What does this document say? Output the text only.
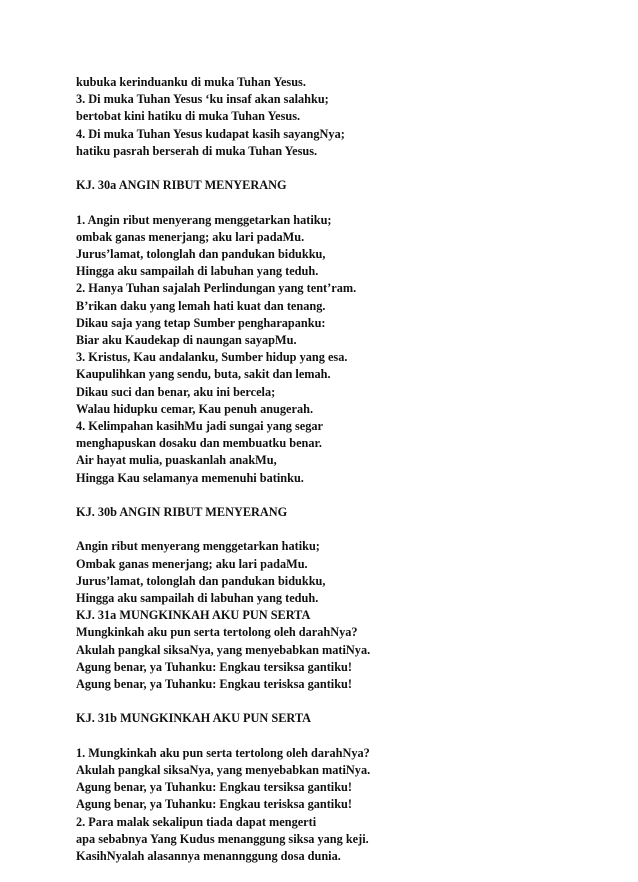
kubuka kerinduanku di muka Tuhan Yesus.
3. Di muka Tuhan Yesus ‘ku insaf akan salahku;
bertobat kini hatiku di muka Tuhan Yesus.
4. Di muka Tuhan Yesus kudapat kasih sayangNya;
hatiku pasrah berserah di muka Tuhan Yesus.
KJ. 30a ANGIN RIBUT MENYERANG
1. Angin ribut menyerang menggetarkan hatiku;
ombak ganas menerjang; aku lari padaMu.
Jurus’lamat, tolonglah dan pandukan bidukku,
Hingga aku sampailah di labuhan yang teduh.
2. Hanya Tuhan sajalah Perlindungan yang tent’ram.
B’rikan daku yang lemah hati kuat dan tenang.
Dikau saja yang tetap Sumber pengharapanku:
Biar aku Kaudekap di naungan sayapMu.
3. Kristus, Kau andalanku, Sumber hidup yang esa.
Kaupulihkan yang sendu, buta, sakit dan lemah.
Dikau suci dan benar, aku ini bercela;
Walau hidupku cemar, Kau penuh anugerah.
4. Kelimpahan kasihMu jadi sungai yang segar
menghapuskan dosaku dan membuatku benar.
Air hayat mulia, puaskanlah anakMu,
Hingga Kau selamanya memenuhi batinku.
KJ. 30b ANGIN RIBUT MENYERANG
Angin ribut menyerang menggetarkan hatiku;
Ombak ganas menerjang; aku lari padaMu.
Jurus’lamat, tolonglah dan pandukan bidukku,
Hingga aku sampailah di labuhan yang teduh.
KJ. 31a MUNGKINKAH AKU PUN SERTA
Mungkinkah aku pun serta tertolong oleh darahNya?
Akulah pangkal siksaNya, yang menyebabkan matiNya.
Agung benar, ya Tuhanku: Engkau tersiksa gantiku!
Agung benar, ya Tuhanku: Engkau terisksa gantiku!
KJ. 31b MUNGKINKAH AKU PUN SERTA
1. Mungkinkah aku pun serta tertolong oleh darahNya?
Akulah pangkal siksaNya, yang menyebabkan matiNya.
Agung benar, ya Tuhanku: Engkau tersiksa gantiku!
Agung benar, ya Tuhanku: Engkau terisksa gantiku!
2. Para malak sekalipun tiada dapat mengerti
apa sebabnya Yang Kudus menanggung siksa yang keji.
KasihNyalah alasannya menannggung dosa dunia.
